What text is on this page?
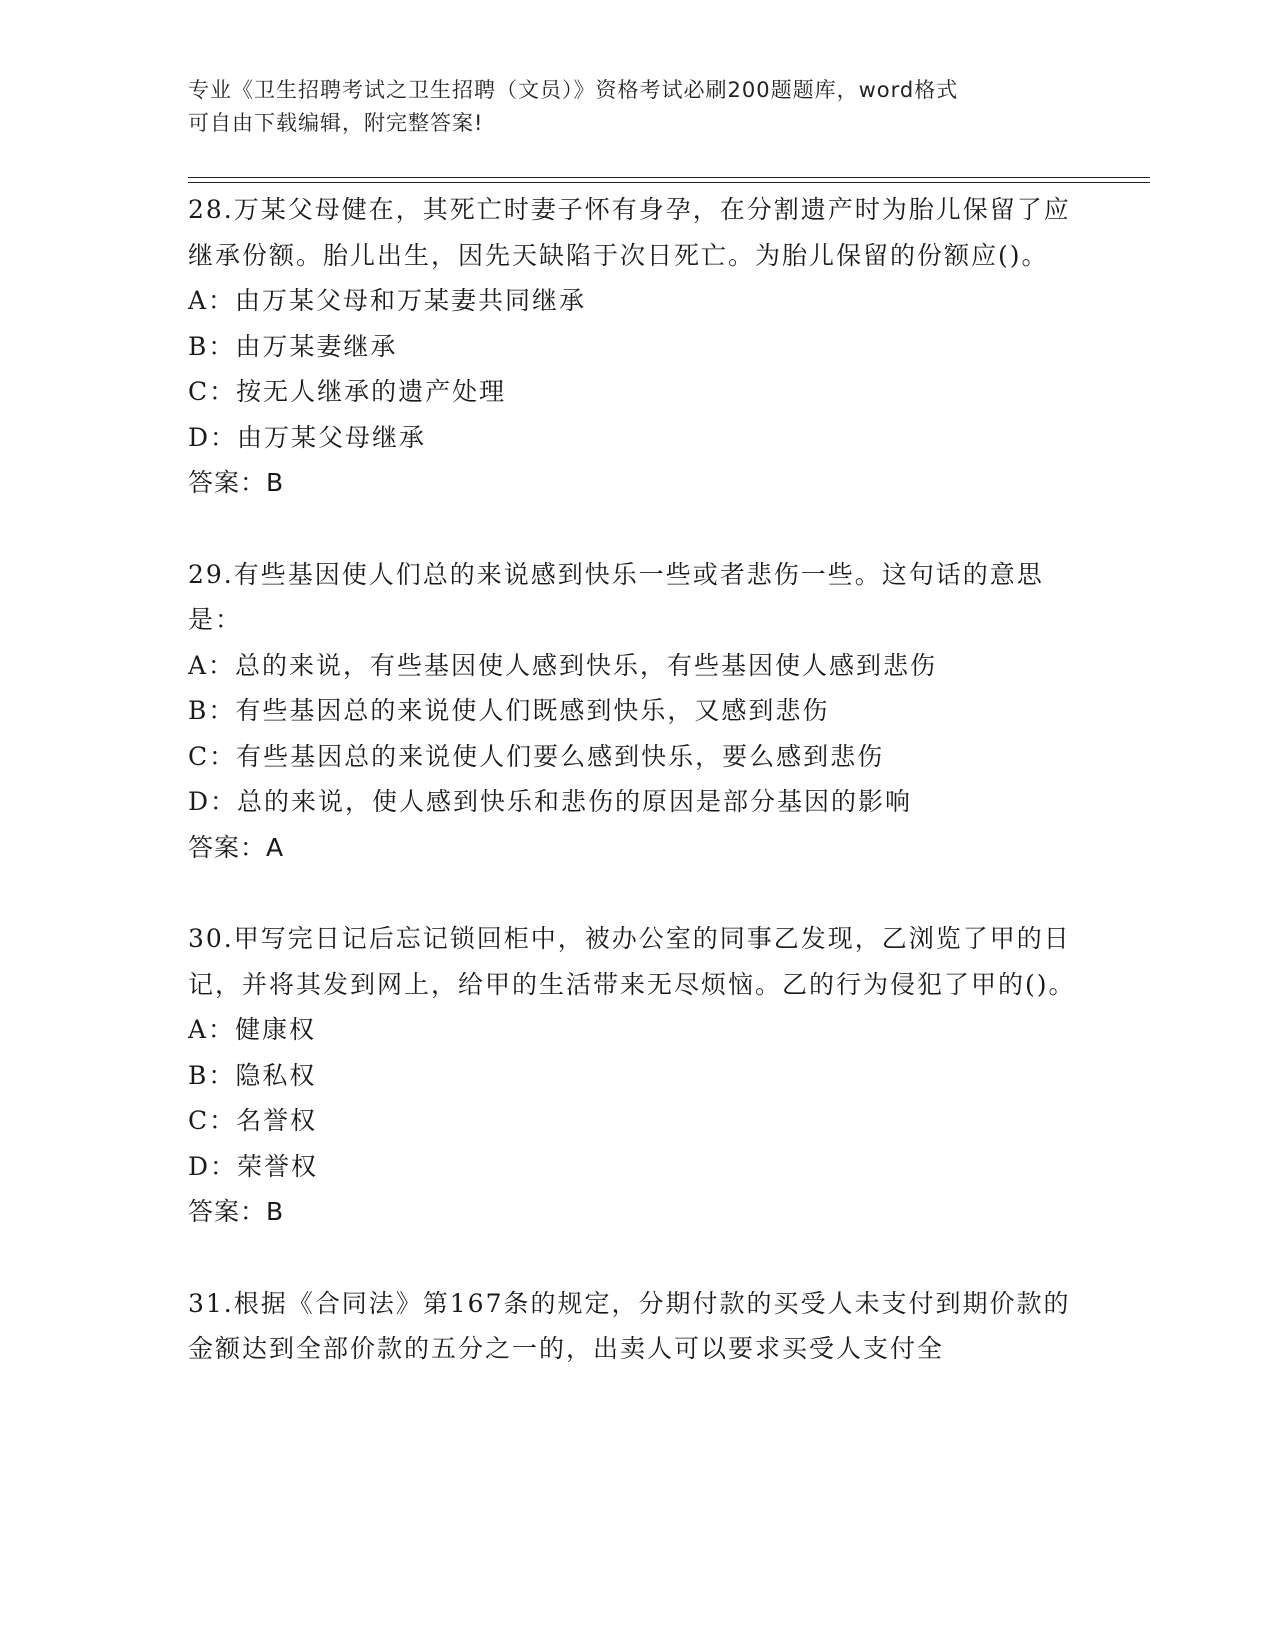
专业《卫生招聘考试之卫生招聘（文员）》资格考试必刷200题题库，word格式
可自由下载编辑，附完整答案!

28.万某父母健在，其死亡时妻子怀有身孕，在分割遗产时为胎儿保留了应继承份额。胎儿出生，因先天缺陷于次日死亡。为胎儿保留的份额应()。

A：由万某父母和万某妻共同继承

B：由万某妻继承

C：按无人继承的遗产处理

D：由万某父母继承

答案：B

29.有些基因使人们总的来说感到快乐一些或者悲伤一些。这句话的意思是：

A：总的来说，有些基因使人感到快乐，有些基因使人感到悲伤

B：有些基因总的来说使人们既感到快乐，又感到悲伤

C：有些基因总的来说使人们要么感到快乐，要么感到悲伤

D：总的来说，使人感到快乐和悲伤的原因是部分基因的影响

答案：A

30.甲写完日记后忘记锁回柜中，被办公室的同事乙发现，乙浏览了甲的日记，并将其发到网上，给甲的生活带来无尽烦恼。乙的行为侵犯了甲的()。

A：健康权

B：隐私权

C：名誉权

D：荣誉权

答案：B

31.根据《合同法》第167条的规定，分期付款的买受人未支付到期价款的金额达到全部价款的五分之一的，出卖人可以要求买受人支付全
